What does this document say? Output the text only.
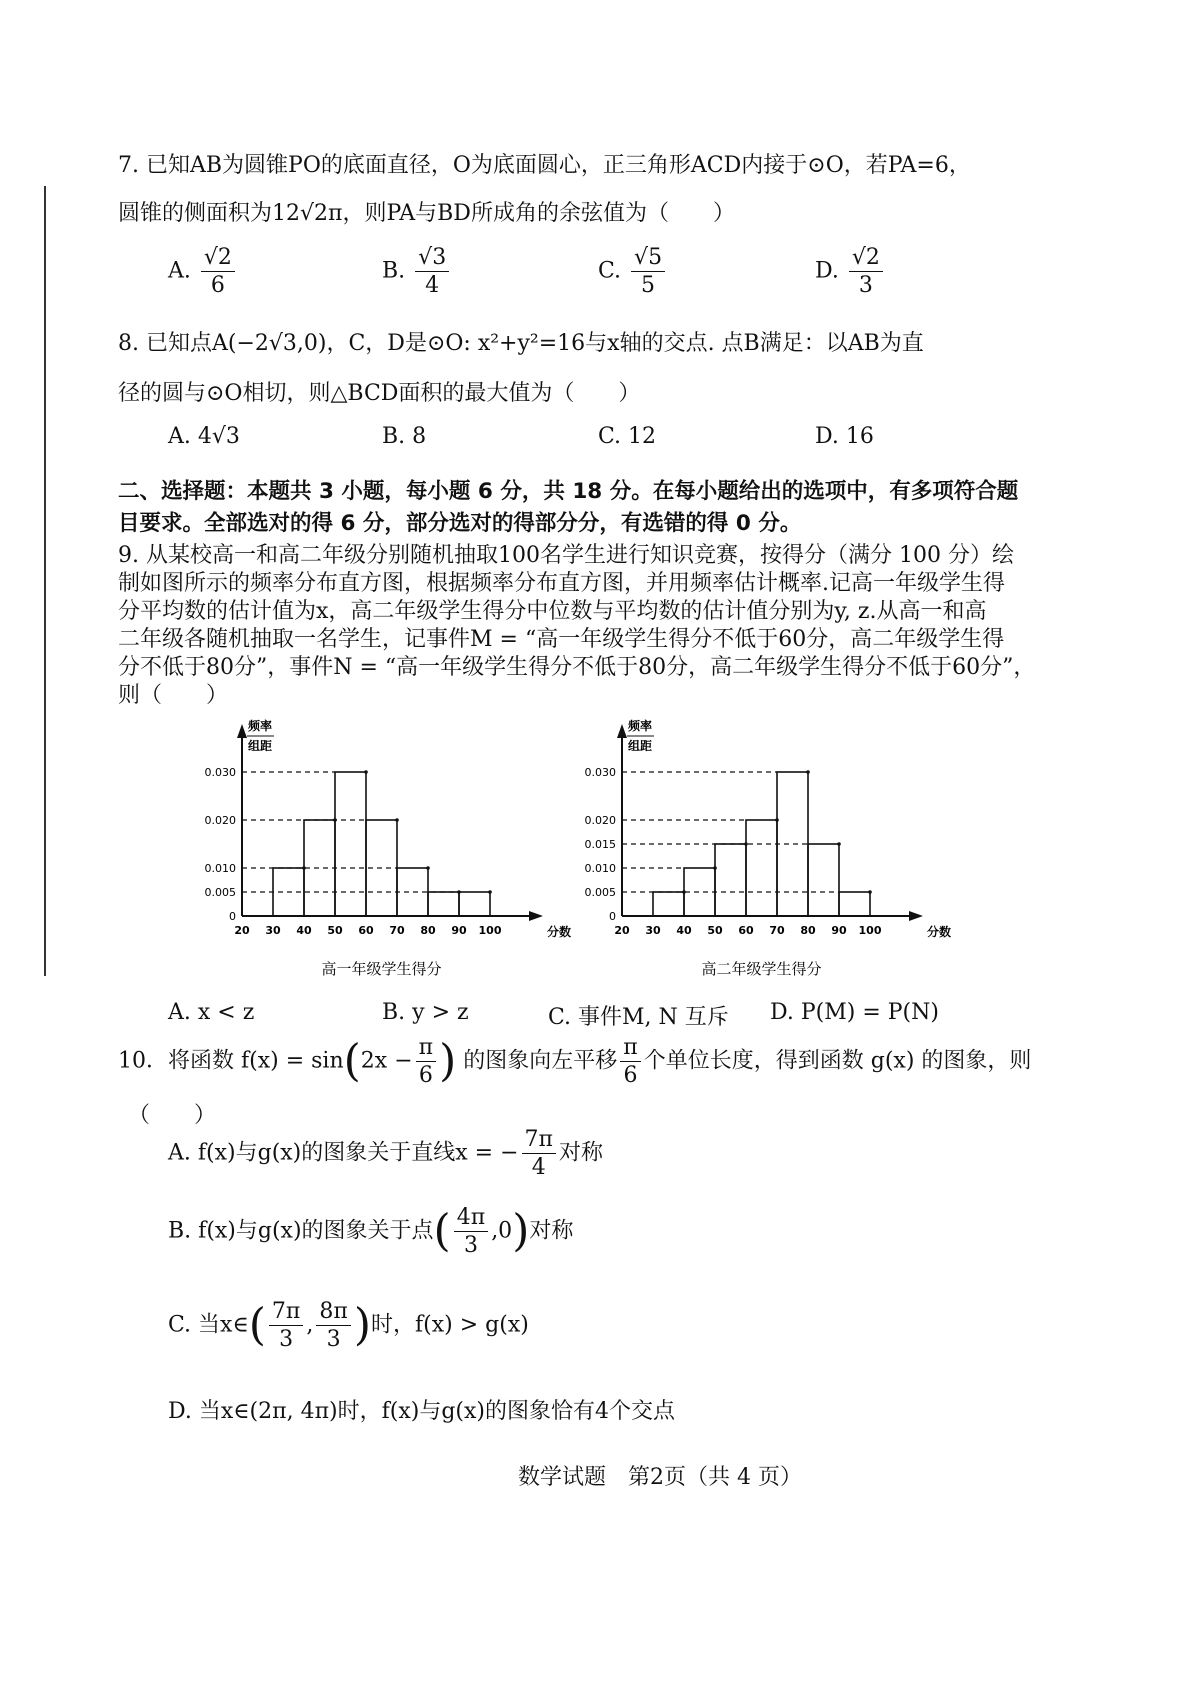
7. 已知AB为圆锥PO的底面直径，O为底面圆心，正三角形ACD内接于⊙O，若PA=6，
圆锥的侧面积为12√2π，则PA与BD所成角的余弦值为（　　）
A. $\frac{√2}{6}$	B. $\frac{√3}{4}$	C. $\frac{√5}{5}$	D. $\frac{√2}{3}$
8. 已知点A(−2√3,0)，C，D是⊙O: x²+y²=16与x轴的交点. 点B满足：以AB为直
径的圆与⊙O相切，则△BCD面积的最大值为（　　）
A. 4√3	B. 8	C. 12	D. 16
二、选择题：本题共 3 小题，每小题 6 分，共 18 分。在每小题给出的选项中，有多项符合题
目要求。全部选对的得 6 分，部分选对的得部分分，有选错的得 0 分。
9. 从某校高一和高二年级分别随机抽取100名学生进行知识竞赛，按得分（满分 100 分）绘
制如图所示的频率分布直方图，根据频率分布直方图，并用频率估计概率.记高一年级学生得
分平均数的估计值为x，高二年级学生得分中位数与平均数的估计值分别为y, z.从高一和高
二年级各随机抽取一名学生，记事件M = “高一年级学生得分不低于60分，高二年级学生得
分不低于80分”，事件N = “高一年级学生得分不低于80分，高二年级学生得分不低于60分”，
则（　　）
频率
组距
0.030
0.020
0.010
0.005
0
20 30 40 50 60 70 80 90 100	分数
高一年级学生得分
频率
组距
0.030
0.020
0.015
0.010
0.005
0
20 30 40 50 60 70 80 90 100	分数
高二年级学生得分
A. x < z	B. y > z	C. 事件M, N 互斥 D. P(M) = P(N)
10．将函数 $f(x) = \sin(2x - \frac{\pi}{6}$ ) 的图象向左平移 $\frac{\pi}{6}$ 个单位长度，得到函数 g(x) 的图象，则
（　　）
A. f(x)与g(x)的图象关于直线x = − $\frac{7\pi}{4}$ 对称
B. f(x)与g(x)的图象关于点( $\frac{4\pi}{3} ,0$)对称
C. 当x∈( $\frac{7\pi}{3}$ , $\frac{8\pi}{3}$ )时，f(x) > g(x)
D. 当x∈(2π, 4π)时，f(x)与g(x)的图象恰有4个交点
数学试题　第2页（共 4 页）
